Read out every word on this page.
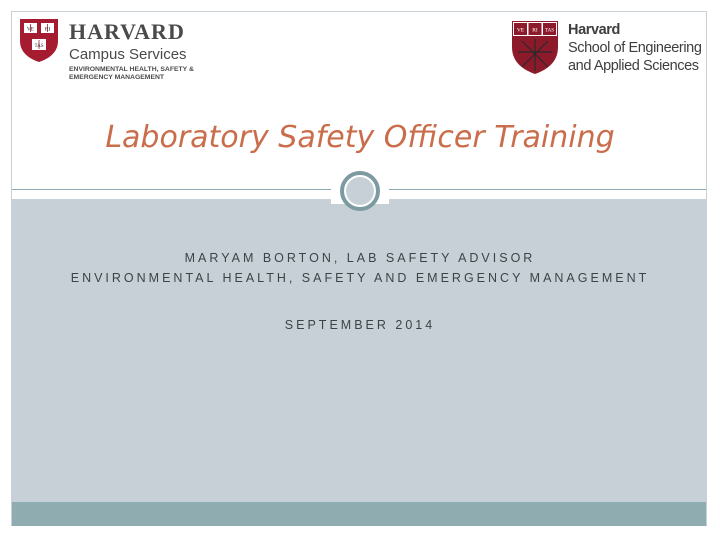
VE RI
TAS
HARVARD
Campus Services
ENVIRONMENTAL HEALTH, SAFETY &
EMERGENCY MANAGEMENT
VE RI TAS Harvard
School of Engineering
and Applied Sciences
Laboratory Safety Officer Training
MARYAM BORTON, LAB SAFETY ADVISOR
ENVIRONMENTAL HEALTH, SAFETY AND EMERGENCY MANAGEMENT
SEPTEMBER 2014
